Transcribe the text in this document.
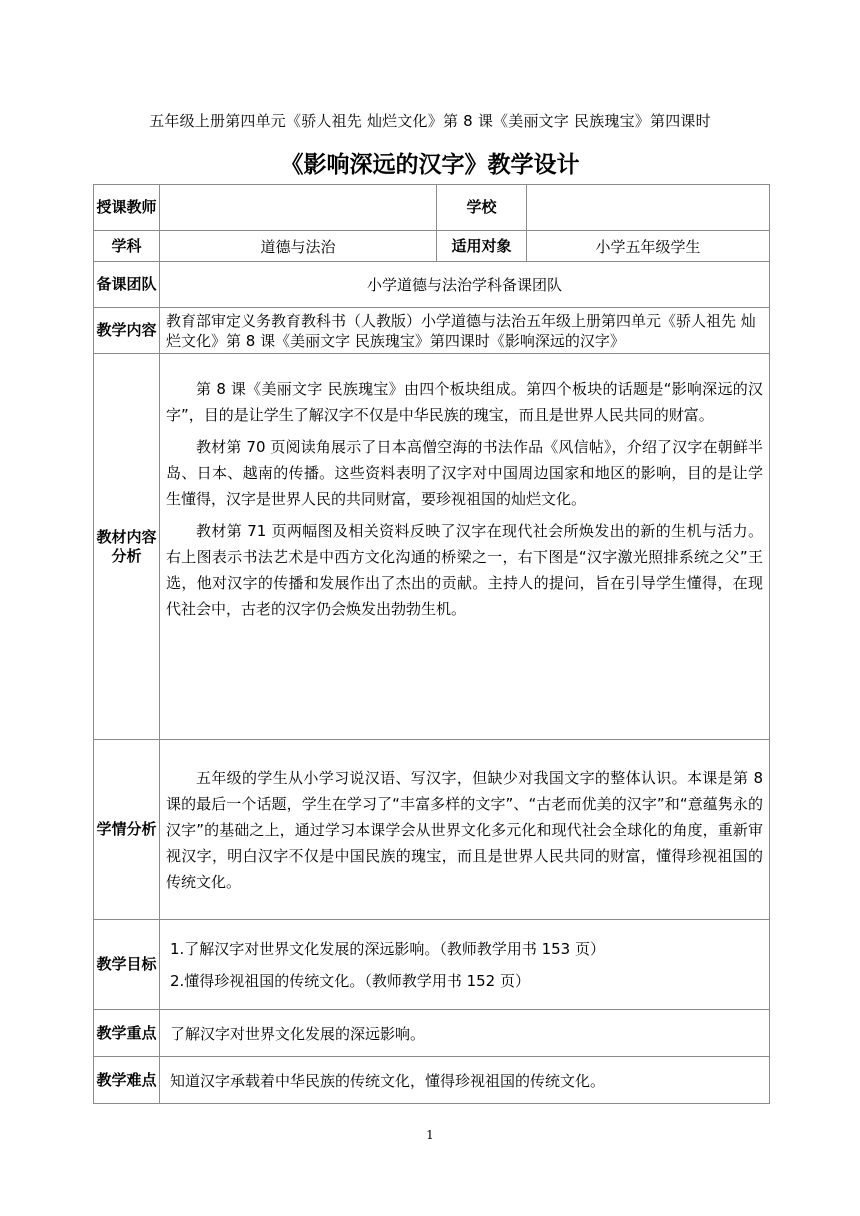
五年级上册第四单元《骄人祖先 灿烂文化》第 8 课《美丽文字 民族瑰宝》第四课时
《影响深远的汉字》教学设计
授课教师		学校	
学科	道德与法治	适用对象	小学五年级学生
备课团队	小学道德与法治学科备课团队		
教学内容	教育部审定义务教育教科书（人教版）小学道德与法治五年级上册第四单元《骄人祖先 灿烂文化》第 8 课《美丽文字 民族瑰宝》第四课时《影响深远的汉字》		
教材内容分析	第 8 课《美丽文字 民族瑰宝》由四个板块组成。第四个板块的话题是“影响深远的汉字”，目的是让学生了解汉字不仅是中华民族的瑰宝，而且是世界人民共同的财富。

教材第 70 页阅读角展示了日本高僧空海的书法作品《风信帖》，介绍了汉字在朝鲜半岛、日本、越南的传播。这些资料表明了汉字对中国周边国家和地区的影响，目的是让学生懂得，汉字是世界人民的共同财富，要珍视祖国的灿烂文化。

教材第 71 页两幅图及相关资料反映了汉字在现代社会所焕发出的新的生机与活力。右上图表示书法艺术是中西方文化沟通的桥梁之一，右下图是“汉字激光照排系统之父”王选，他对汉字的传播和发展作出了杰出的贡献。主持人的提问，旨在引导学生懂得，在现代社会中，古老的汉字仍会焕发出勃勃生机。		

学情分析	五年级的学生从小学习说汉语、写汉字，但缺少对我国文字的整体认识。本课是第 8 课的最后一个话题，学生在学习了“丰富多样的文字”、“古老而优美的汉字”和“意蕴隽永的汉字”的基础之上，通过学习本课学会从世界文化多元化和现代社会全球化的角度，重新审视汉字，明白汉字不仅是中国民族的瑰宝，而且是世界人民共同的财富，懂得珍视祖国的传统文化。		

教学目标	1.了解汉字对世界文化发展的深远影响。（教师教学用书 153 页）

2.懂得珍视祖国的传统文化。（教师教学用书 152 页）		

教学重点	了解汉字对世界文化发展的深远影响。		
教学难点	知道汉字承载着中华民族的传统文化，懂得珍视祖国的传统文化。		
1
